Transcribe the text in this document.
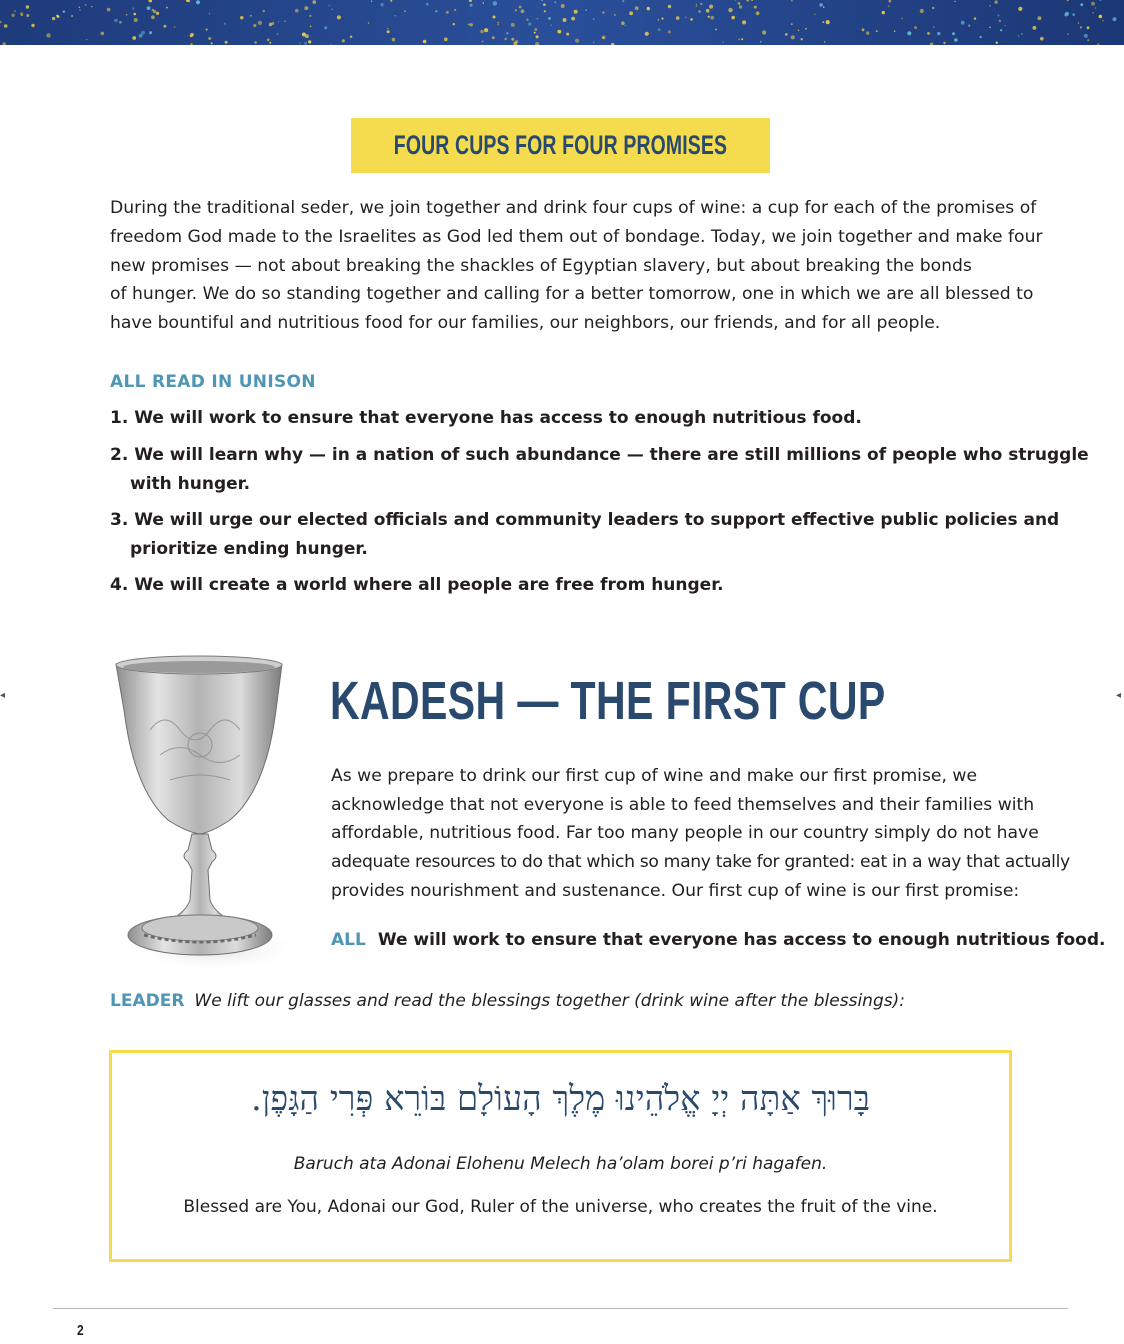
FOUR CUPS FOR FOUR PROMISES

During the traditional seder, we join together and drink four cups of wine: a cup for each of the promises of
freedom God made to the Israelites as God led them out of bondage. Today, we join together and make four
new promises — not about breaking the shackles of Egyptian slavery, but about breaking the bonds
of hunger. We do so standing together and calling for a better tomorrow, one in which we are all blessed to
have bountiful and nutritious food for our families, our neighbors, our friends, and for all people.

ALL READ IN UNISON
1. We will work to ensure that everyone has access to enough nutritious food.
2. We will learn why — in a nation of such abundance — there are still millions of people who struggle
with hunger.
3. We will urge our elected officials and community leaders to support effective public policies and
prioritize ending hunger.
4. We will create a world where all people are free from hunger.
KADESH — THE FIRST CUP
As we prepare to drink our first cup of wine and make our first promise, we
acknowledge that not everyone is able to feed themselves and their families with
affordable, nutritious food. Far too many people in our country simply do not have
adequate resources to do that which so many take for granted: eat in a way that actually
provides nourishment and sustenance. Our first cup of wine is our first promise:
ALL We will work to ensure that everyone has access to enough nutritious food.
LEADER We lift our glasses and read the blessings together (drink wine after the blessings):
בָּרוּךְ אַתָּה יְיָ אֱלֹהֵינוּ מֶלֶךְ הָעוֹלָם בּוֹרֵא פְּרִי הַגָּפֶן.
Baruch ata Adonai Elohenu Melech ha’olam borei p’ri hagafen.
Blessed are You, Adonai our God, Ruler of the universe, who creates the fruit of the vine.
2
◂	◂
